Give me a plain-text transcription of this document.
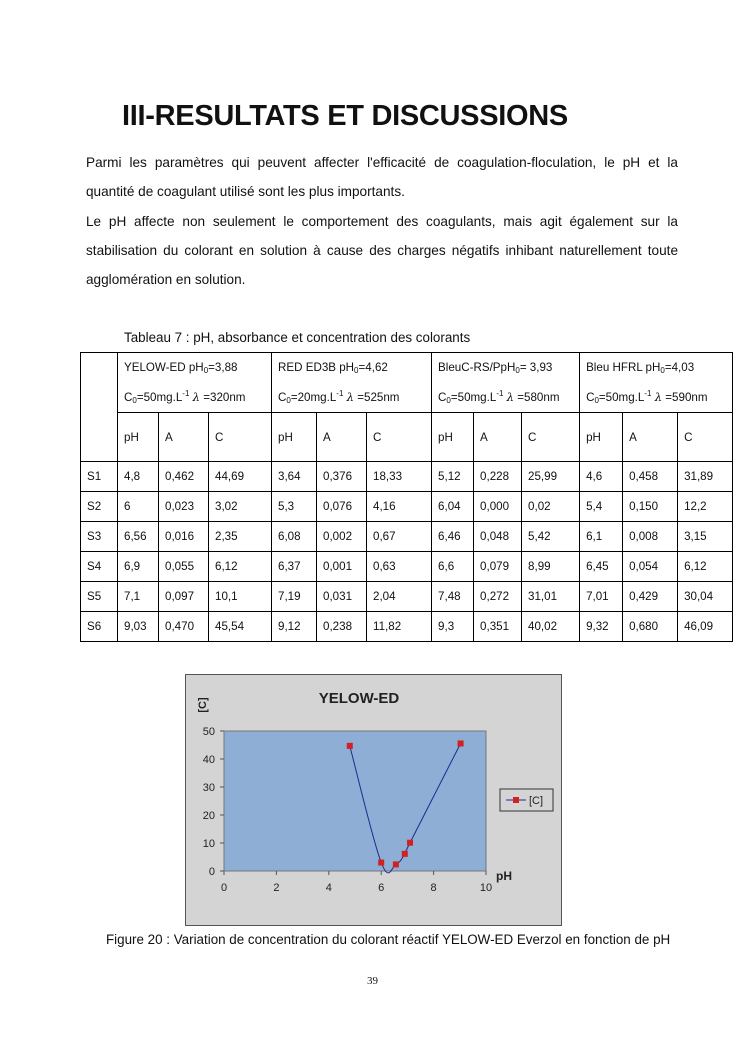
III-RESULTATS ET DISCUSSIONS
Parmi les paramètres qui peuvent affecter l'efficacité de coagulation-floculation, le pH et la quantité de coagulant utilisé sont les plus importants.
Le pH affecte non seulement le comportement des coagulants, mais agit également sur la stabilisation du colorant en solution à cause des charges négatifs inhibant naturellement toute agglomération en solution.
Tableau 7 : pH, absorbance et concentration des colorants
	YELOW-ED $pH_0=3,88$			RED ED3B $pH_0=4,62$			BleuC-RS/PpH$_0$= 3,93			Bleu HFRL $pH_0=4,03$		
	$C_0=50mg.L^{-1}$ λ =320nm			$C_0=20mg.L^{-1}$ λ =525nm			$C_0=50mg.L^{-1}$ λ =580nm			$C_0=50mg.L^{-1}$ λ =590nm		
	pH	A	C	pH	A	C	pH	A	C	pH	A	C
S1	4,8	0,462	44,69	3,64	0,376	18,33	5,12	0,228	25,99	4,6	0,458	31,89
S2	6	0,023	3,02	5,3	0,076	4,16	6,04	0,000	0,02	5,4	0,150	12,2
S3	6,56	0,016	2,35	6,08	0,002	0,67	6,46	0,048	5,42	6,1	0,008	3,15
S4	6,9	0,055	6,12	6,37	0,001	0,63	6,6	0,079	8,99	6,45	0,054	6,12
S5	7,1	0,097	10,1	7,19	0,031	2,04	7,48	0,272	31,01	7,01	0,429	30,04
S6	9,03	0,470	45,54	9,12	0,238	11,82	9,3	0,351	40,02	9,32	0,680	46,09
YELOW-ED
[C]
pH
0
10
20
30
40
50
0	2	4	6	8	10
[C]
Figure 20 : Variation de concentration du colorant réactif YELOW-ED Everzol en fonction de pH
39
